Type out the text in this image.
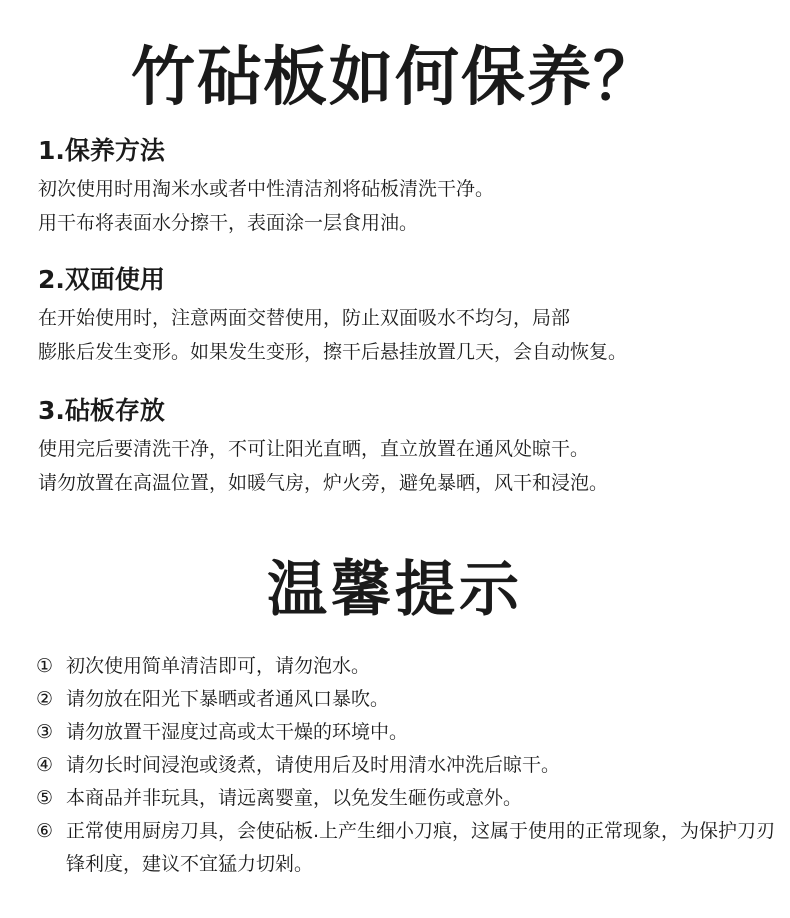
竹砧板如何保养？
1.保养方法

初次使用时用淘米水或者中性清洁剂将砧板清洗干净。

用干布将表面水分擦干，表面涂一层食用油。

2.双面使用

在开始使用时，注意两面交替使用，防止双面吸水不均匀，局部

膨胀后发生变形。如果发生变形，擦干后悬挂放置几天，会自动恢复。

3.砧板存放

使用完后要清洗干净，不可让阳光直晒，直立放置在通风处晾干。

请勿放置在高温位置，如暖气房，炉火旁，避免暴晒，风干和浸泡。

温馨提示
① 初次使用简单清洁即可，请勿泡水。
② 请勿放在阳光下暴晒或者通风口暴吹。
③ 请勿放置干湿度过高或太干燥的环境中。
④ 请勿长时间浸泡或烫煮，请使用后及时用清水冲洗后晾干。
⑤ 本商品并非玩具，请远离婴童，以免发生砸伤或意外。
⑥ 正常使用厨房刀具，会使砧板.上产生细小刀痕，这属于使用的正常现象，为保护刀刃锋利度，建议不宜猛力切剁。
